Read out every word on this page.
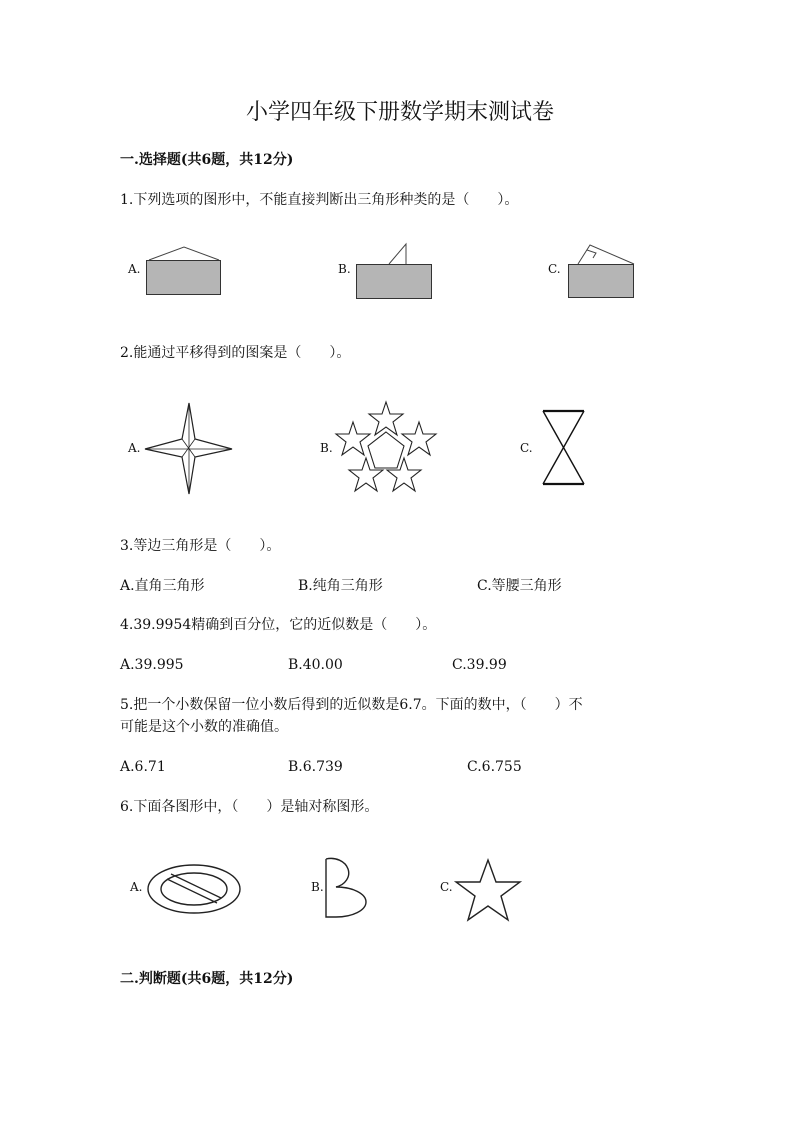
小学四年级下册数学期末测试卷
一.选择题(共6题，共12分)
1.下列选项的图形中，不能直接判断出三角形种类的是（　　）。
A.	B.	C.
2.能通过平移得到的图案是（　　）。
A.	B.	C.
3.等边三角形是（　　）。
A.直角三角形	B.纯角三角形	C.等腰三角形
4.39.9954精确到百分位，它的近似数是（　　）。
A.39.995	B.40.00	C.39.99
5.把一个小数保留一位小数后得到的近似数是6.7。下面的数中，（　　）不
可能是这个小数的准确值。
A.6.71	B.6.739	C.6.755
6.下面各图形中，（　　）是轴对称图形。
A.	B.	C.
二.判断题(共6题，共12分)
